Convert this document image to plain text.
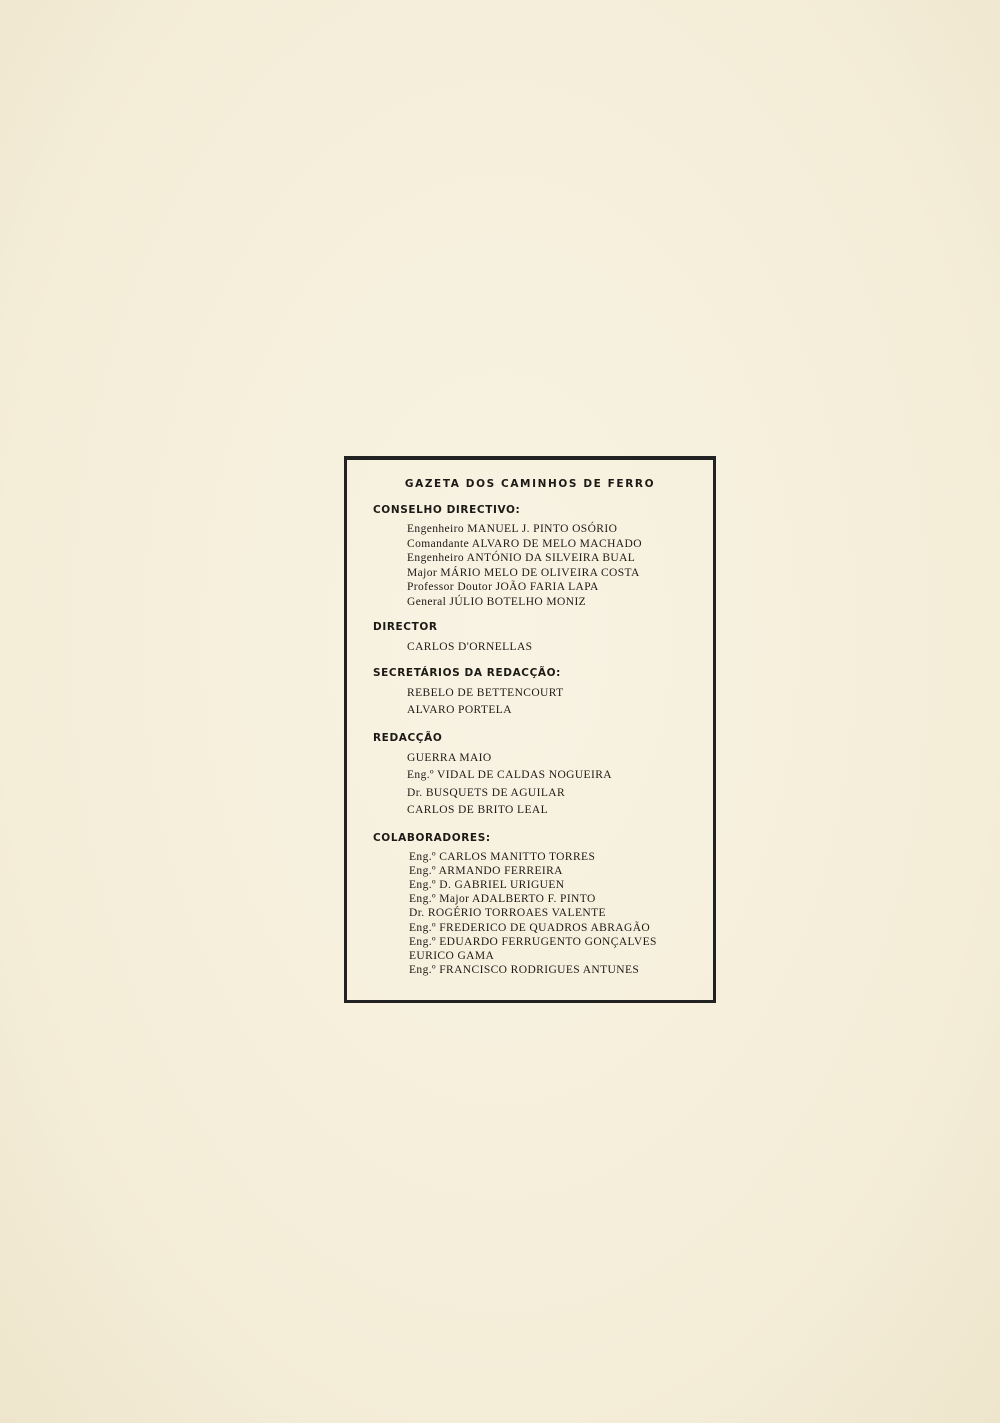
GAZETA DOS CAMINHOS DE FERRO
CONSELHO DIRECTIVO:
Engenheiro MANUEL J. PINTO OSÓRIO
Comandante ALVARO DE MELO MACHADO
Engenheiro ANTÓNIO DA SILVEIRA BUAL
Major MÁRIO MELO DE OLIVEIRA COSTA
Professor Doutor JOÃO FARIA LAPA
General JÚLIO BOTELHO MONIZ
DIRECTOR
CARLOS D'ORNELLAS
SECRETÁRIOS DA REDACÇÃO:
REBELO DE BETTENCOURT
ALVARO PORTELA
REDACÇÃO
GUERRA MAIO
Eng.º VIDAL DE CALDAS NOGUEIRA
Dr. BUSQUETS DE AGUILAR
CARLOS DE BRITO LEAL
COLABORADORES:
Eng.º CARLOS MANITTO TORRES
Eng.º ARMANDO FERREIRA
Eng.º D. GABRIEL URIGUEN
Eng.º Major ADALBERTO F. PINTO
Dr. ROGÉRIO TORROAES VALENTE
Eng.º FREDERICO DE QUADROS ABRAGÃO
Eng.º EDUARDO FERRUGENTO GONÇALVES
EURICO GAMA
Eng.º FRANCISCO RODRIGUES ANTUNES
